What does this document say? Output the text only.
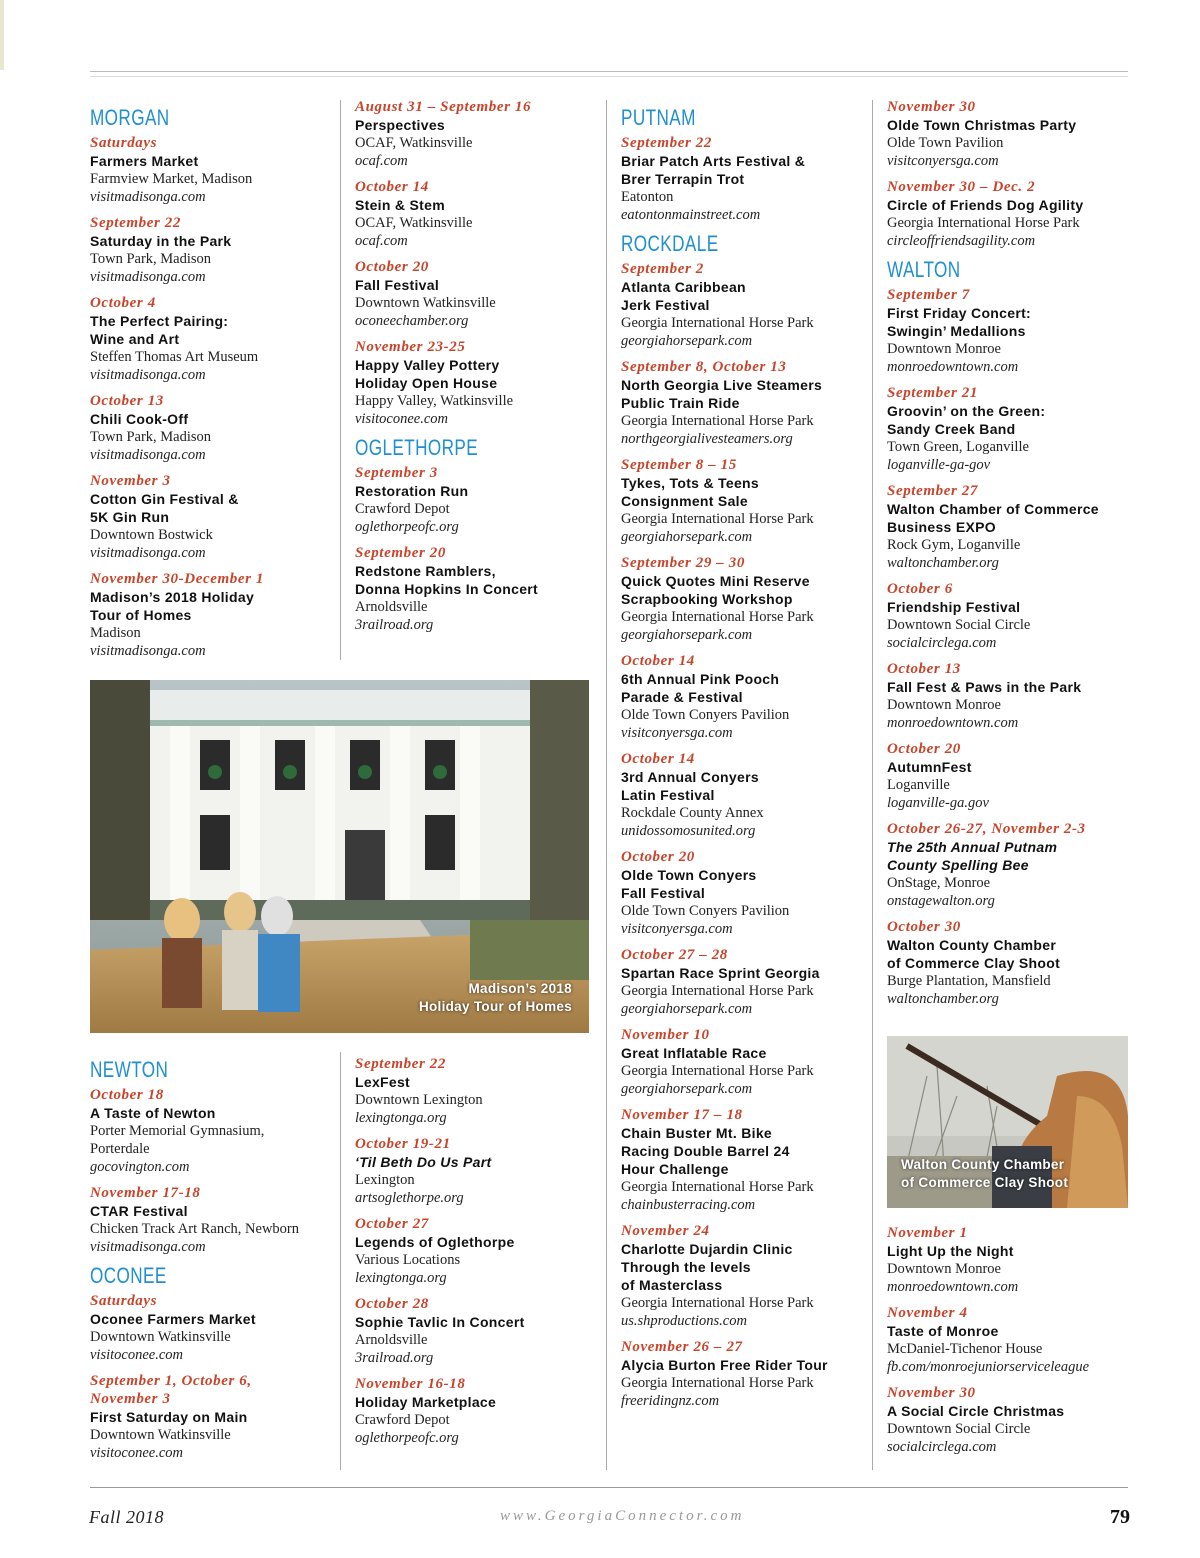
MORGAN
Saturdays
Farmers Market
Farmview Market, Madison
visitmadisonga.com
September 22
Saturday in the Park
Town Park, Madison
visitmadisonga.com
October 4
The Perfect Pairing:
Wine and Art
Steffen Thomas Art Museum
visitmadisonga.com
October 13
Chili Cook-Off
Town Park, Madison
visitmadisonga.com
November 3
Cotton Gin Festival &
5K Gin Run
Downtown Bostwick
visitmadisonga.com
November 30-December 1
Madison’s 2018 Holiday
Tour of Homes
Madison
visitmadisonga.com
August 31 – September 16
Perspectives
OCAF, Watkinsville
ocaf.com
October 14
Stein & Stem
OCAF, Watkinsville
ocaf.com
October 20
Fall Festival
Downtown Watkinsville
oconeechamber.org
November 23-25
Happy Valley Pottery
Holiday Open House
Happy Valley, Watkinsville
visitoconee.com
OGLETHORPE
September 3
Restoration Run
Crawford Depot
oglethorpeofc.org
September 20
Redstone Ramblers,
Donna Hopkins In Concert
Arnoldsville
3railroad.org
PUTNAM
September 22
Briar Patch Arts Festival &
Brer Terrapin Trot
Eatonton
eatontonmainstreet.com
ROCKDALE
September 2
Atlanta Caribbean
Jerk Festival
Georgia International Horse Park
georgiahorsepark.com
September 8, October 13
North Georgia Live Steamers
Public Train Ride
Georgia International Horse Park
northgeorgialivesteamers.org
September 8 – 15
Tykes, Tots & Teens
Consignment Sale
Georgia International Horse Park
georgiahorsepark.com
September 29 – 30
Quick Quotes Mini Reserve
Scrapbooking Workshop
Georgia International Horse Park
georgiahorsepark.com
October 14
6th Annual Pink Pooch
Parade & Festival
Olde Town Conyers Pavilion
visitconyersga.com
October 14
3rd Annual Conyers
Latin Festival
Rockdale County Annex
unidossomosunited.org
October 20
Olde Town Conyers
Fall Festival
Olde Town Conyers Pavilion
visitconyersga.com
October 27 – 28
Spartan Race Sprint Georgia
Georgia International Horse Park
georgiahorsepark.com
November 10
Great Inflatable Race
Georgia International Horse Park
georgiahorsepark.com
November 17 – 18
Chain Buster Mt. Bike
Racing Double Barrel 24
Hour Challenge
Georgia International Horse Park
chainbusterracing.com
November 24
Charlotte Dujardin Clinic
Through the levels
of Masterclass
Georgia International Horse Park
us.shproductions.com
November 26 – 27
Alycia Burton Free Rider Tour
Georgia International Horse Park
freeridingnz.com
November 30
Olde Town Christmas Party
Olde Town Pavilion
visitconyersga.com
November 30 – Dec. 2
Circle of Friends Dog Agility
Georgia International Horse Park
circleoffriendsagility.com
WALTON
September 7
First Friday Concert:
Swingin’ Medallions
Downtown Monroe
monroedowntown.com
September 21
Groovin’ on the Green:
Sandy Creek Band
Town Green, Loganville
loganville-ga-gov
September 27
Walton Chamber of Commerce
Business EXPO
Rock Gym, Loganville
waltonchamber.org
October 6
Friendship Festival
Downtown Social Circle
socialcirclega.com
October 13
Fall Fest & Paws in the Park
Downtown Monroe
monroedowntown.com
October 20
AutumnFest
Loganville
loganville-ga.gov
October 26-27, November 2-3
The 25th Annual Putnam
County Spelling Bee
OnStage, Monroe
onstagewalton.org
October 30
Walton County Chamber
of Commerce Clay Shoot
Burge Plantation, Mansfield
waltonchamber.org
Madison’s 2018
Holiday Tour of Homes
NEWTON
October 18
A Taste of Newton
Porter Memorial Gymnasium,
Porterdale
gocovington.com
November 17-18
CTAR Festival
Chicken Track Art Ranch, Newborn
visitmadisonga.com
OCONEE
Saturdays
Oconee Farmers Market
Downtown Watkinsville
visitoconee.com
September 1, October 6,
November 3
First Saturday on Main
Downtown Watkinsville
visitoconee.com
September 22
LexFest
Downtown Lexington
lexingtonga.org
October 19-21
‘Til Beth Do Us Part
Lexington
artsoglethorpe.org
October 27
Legends of Oglethorpe
Various Locations
lexingtonga.org
October 28
Sophie Tavlic In Concert
Arnoldsville
3railroad.org
November 16-18
Holiday Marketplace
Crawford Depot
oglethorpeofc.org
Walton County Chamber
of Commerce Clay Shoot
November 1
Light Up the Night
Downtown Monroe
monroedowntown.com
November 4
Taste of Monroe
McDaniel-Tichenor House
fb.com/monroejuniorserviceleague
November 30
A Social Circle Christmas
Downtown Social Circle
socialcirclega.com
Fall 2018	www.GeorgiaConnector.com	79
